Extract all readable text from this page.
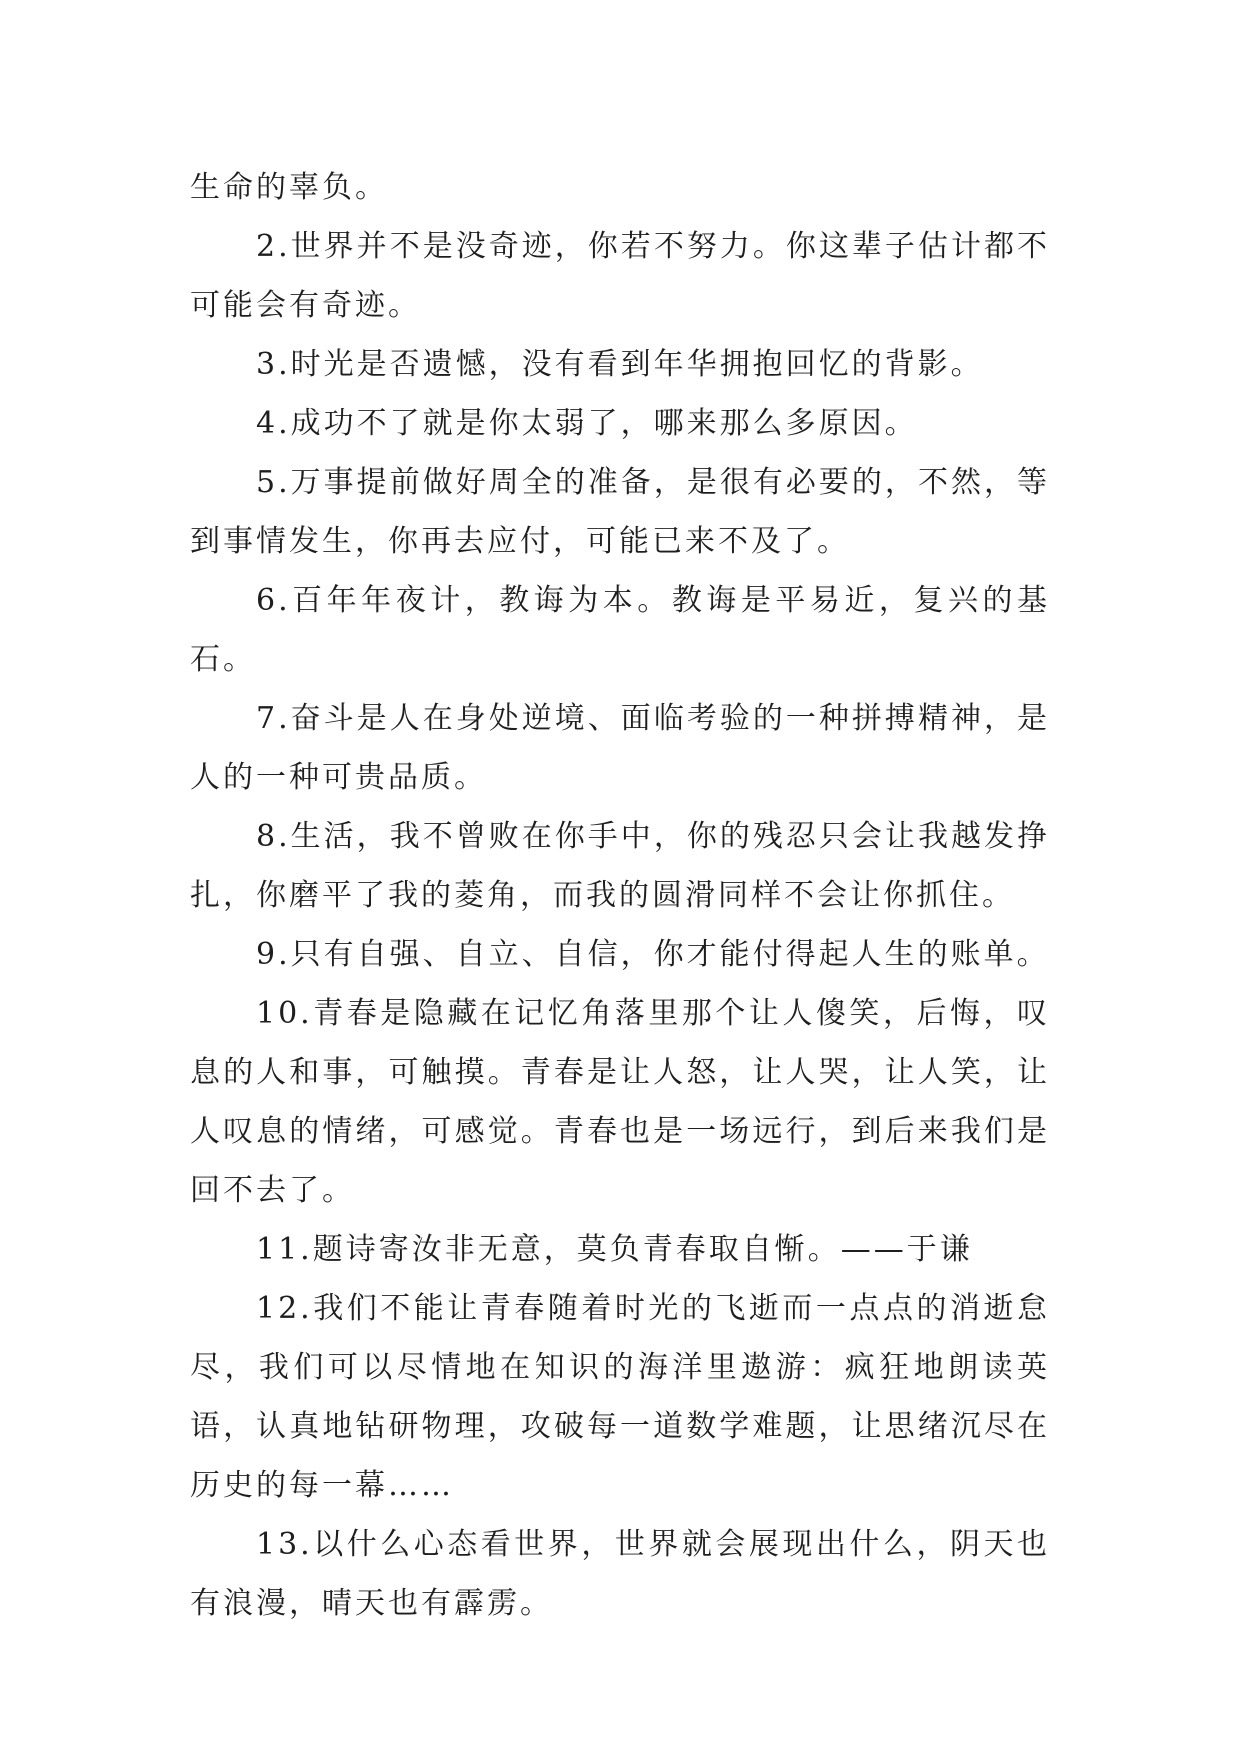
生命的辜负。

2.世界并不是没奇迹，你若不努力。你这辈子估计都不可能会有奇迹。

3.时光是否遗憾，没有看到年华拥抱回忆的背影。

4.成功不了就是你太弱了，哪来那么多原因。

5.万事提前做好周全的准备，是很有必要的，不然，等到事情发生，你再去应付，可能已来不及了。

6.百年年夜计，教诲为本。教诲是平易近，复兴的基石。

7.奋斗是人在身处逆境、面临考验的一种拼搏精神，是人的一种可贵品质。

8.生活，我不曾败在你手中，你的残忍只会让我越发挣扎，你磨平了我的菱角，而我的圆滑同样不会让你抓住。

9.只有自强、自立、自信，你才能付得起人生的账单。

10.青春是隐藏在记忆角落里那个让人傻笑，后悔，叹息的人和事，可触摸。青春是让人怒，让人哭，让人笑，让人叹息的情绪，可感觉。青春也是一场远行，到后来我们是回不去了。

11.题诗寄汝非无意，莫负青春取自惭。——于谦

12.我们不能让青春随着时光的飞逝而一点点的消逝怠尽，我们可以尽情地在知识的海洋里遨游：疯狂地朗读英语，认真地钻研物理，攻破每一道数学难题，让思绪沉尽在历史的每一幕……

13.以什么心态看世界，世界就会展现出什么，阴天也有浪漫，晴天也有霹雳。
